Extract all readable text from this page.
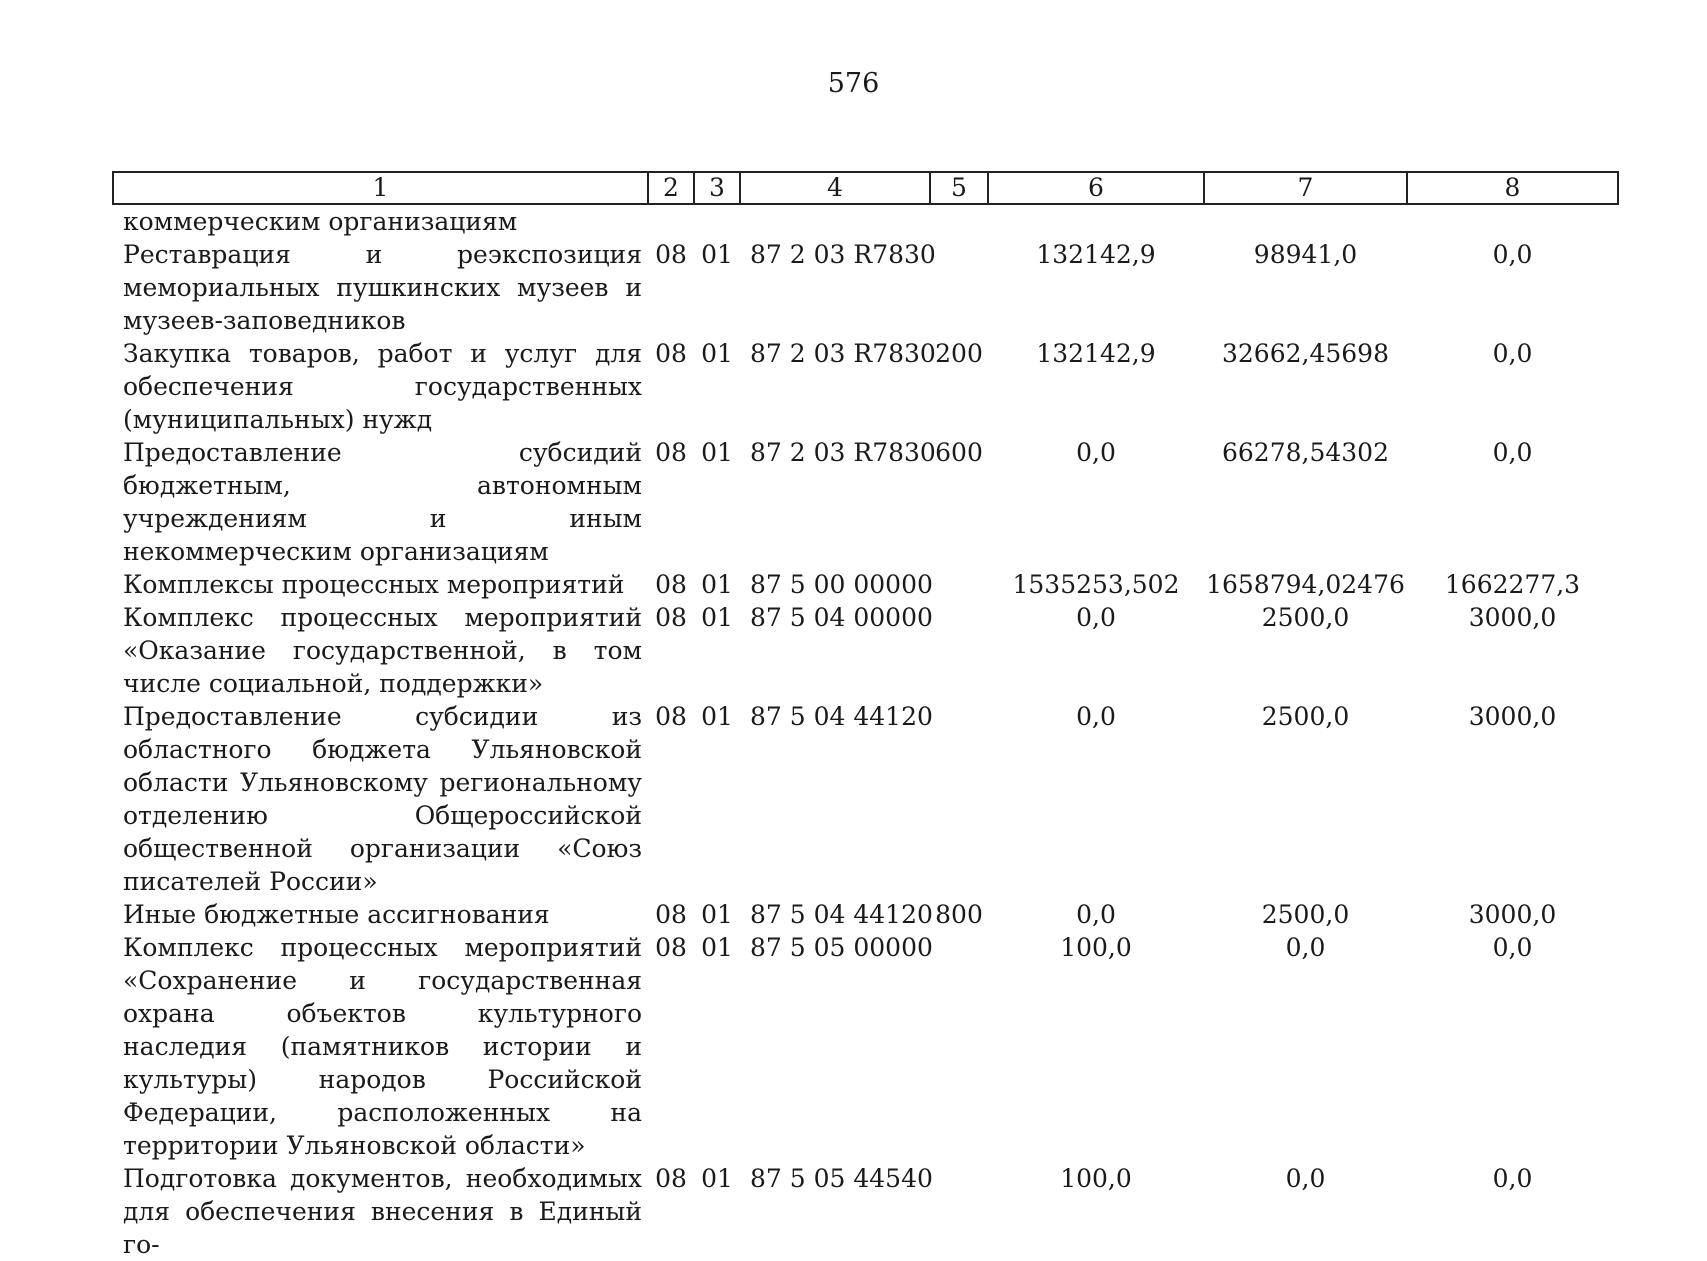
576
1	2	3	4	5	6	7	8
коммерческим организациям							
Реставрация и реэкспозиция мемориальных пушкинских музеев и музеев-заповедников	08	01	87 2 03 R7830		132142,9	98941,0	0,0
Закупка товаров, работ и услуг для обеспечения государственных (муниципальных) нужд	08	01	87 2 03 R7830	200	132142,9	32662,45698	0,0
Предоставление субсидий бюджетным, автономным учреждениям и иным некоммерческим организациям	08	01	87 2 03 R7830	600	0,0	66278,54302	0,0
Комплексы процессных мероприятий	08	01	87 5 00 00000		1535253,502	1658794,02476	1662277,3
Комплекс процессных мероприятий «Оказание государственной, в том числе социальной, поддержки»	08	01	87 5 04 00000		0,0	2500,0	3000,0
Предоставление субсидии из областного бюджета Ульяновской области Ульяновскому региональному отделению Общероссийской общественной организации «Союз писателей России»	08	01	87 5 04 44120		0,0	2500,0	3000,0
Иные бюджетные ассигнования	08	01	87 5 04 44120	800	0,0	2500,0	3000,0
Комплекс процессных мероприятий «Сохранение и государственная охрана объектов культурного наследия (памятников истории и культуры) народов Российской Федерации, расположенных на территории Ульяновской области»	08	01	87 5 05 00000		100,0	0,0	0,0
Подготовка документов, необходимых для обеспечения внесения в Единый го-	08	01	87 5 05 44540		100,0	0,0	0,0
